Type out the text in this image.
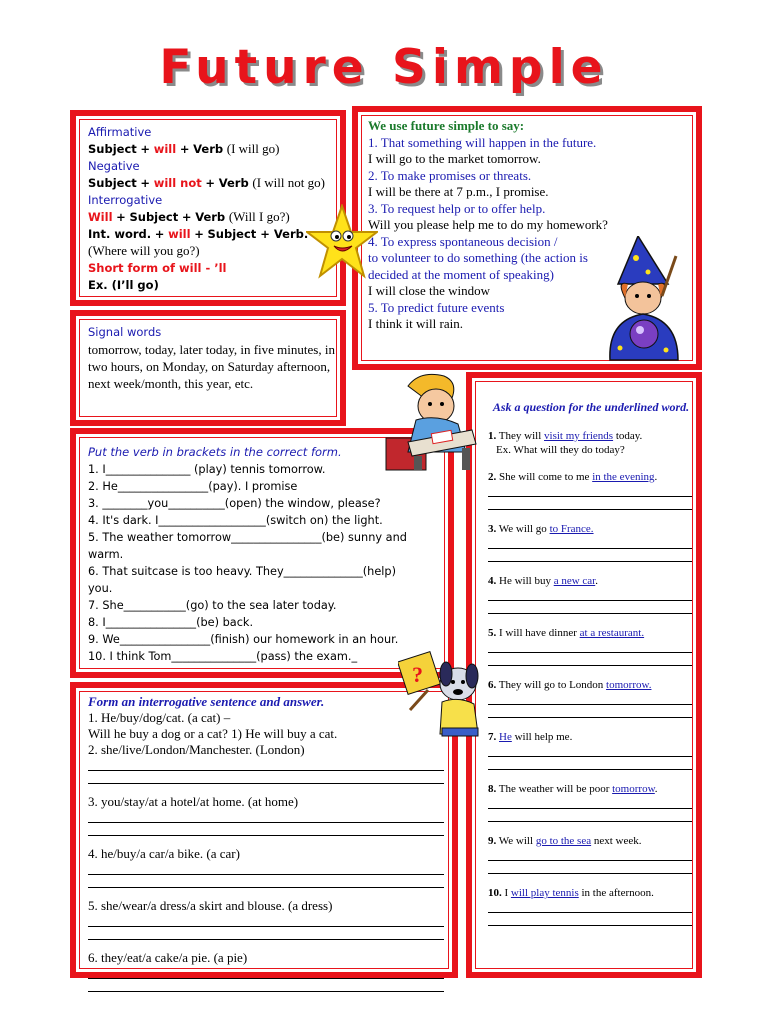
Future Simple
Affirmative
Subject + will + Verb (I will go)
Negative
Subject + will not + Verb (I will not go)
Interrogative
Will + Subject + Verb (Will I go?)
Int. word. + will + Subject + Verb.
(Where will you go?)
Short form of will - ’ll
Ex. (I’ll go)
We use future simple to say:
1. That something will happen in the future.
I will go to the market tomorrow.
2. To make promises or threats.
I will be there at 7 p.m., I promise.
3. To request help or to offer help.
Will you please help me to do my homework?
4. To express spontaneous decision /
to volunteer to do something (the action is
decided at the moment of speaking)
I will close the window
5. To predict future events
I think it will rain.
Signal words
tomorrow, today, later today, in five minutes, in two hours, on Monday, on Saturday afternoon, next week/month, this year, etc.
Put the verb in brackets in the correct form.
1. I_______________ (play) tennis tomorrow.
2. He________________(pay). I promise
3. ________you__________(open) the window, please?
4. It's dark. I___________________(switch on) the light.
5. The weather tomorrow________________(be) sunny and
warm.
6. That suitcase is too heavy. They______________(help)
you.
7. She___________(go) to the sea later today.
8. I________________(be) back.
9. We________________(finish) our homework in an hour.
10. I think Tom_______________(pass) the exam._
Form an interrogative sentence and answer.
1. He/buy/dog/cat. (a cat) –
Will he buy a dog or a cat? 1) He will buy a cat.
2. she/live/London/Manchester. (London)
3. you/stay/at a hotel/at home. (at home)
4. he/buy/a car/a bike. (a car)
5. she/wear/a dress/a skirt and blouse. (a dress)
6. they/eat/a cake/a pie. (a pie)
Ask a question for the underlined word.
1. They will visit my friends today.
Ex. What will they do today?
2. She will come to me in the evening.
3. We will go to France.
4. He will buy a new car.
5. I will have dinner at a restaurant.
6. They will go to London tomorrow.
7. He will help me.
8. The weather will be poor tomorrow.
9. We will go to the sea next week.
10. I will play tennis in the afternoon.
?
